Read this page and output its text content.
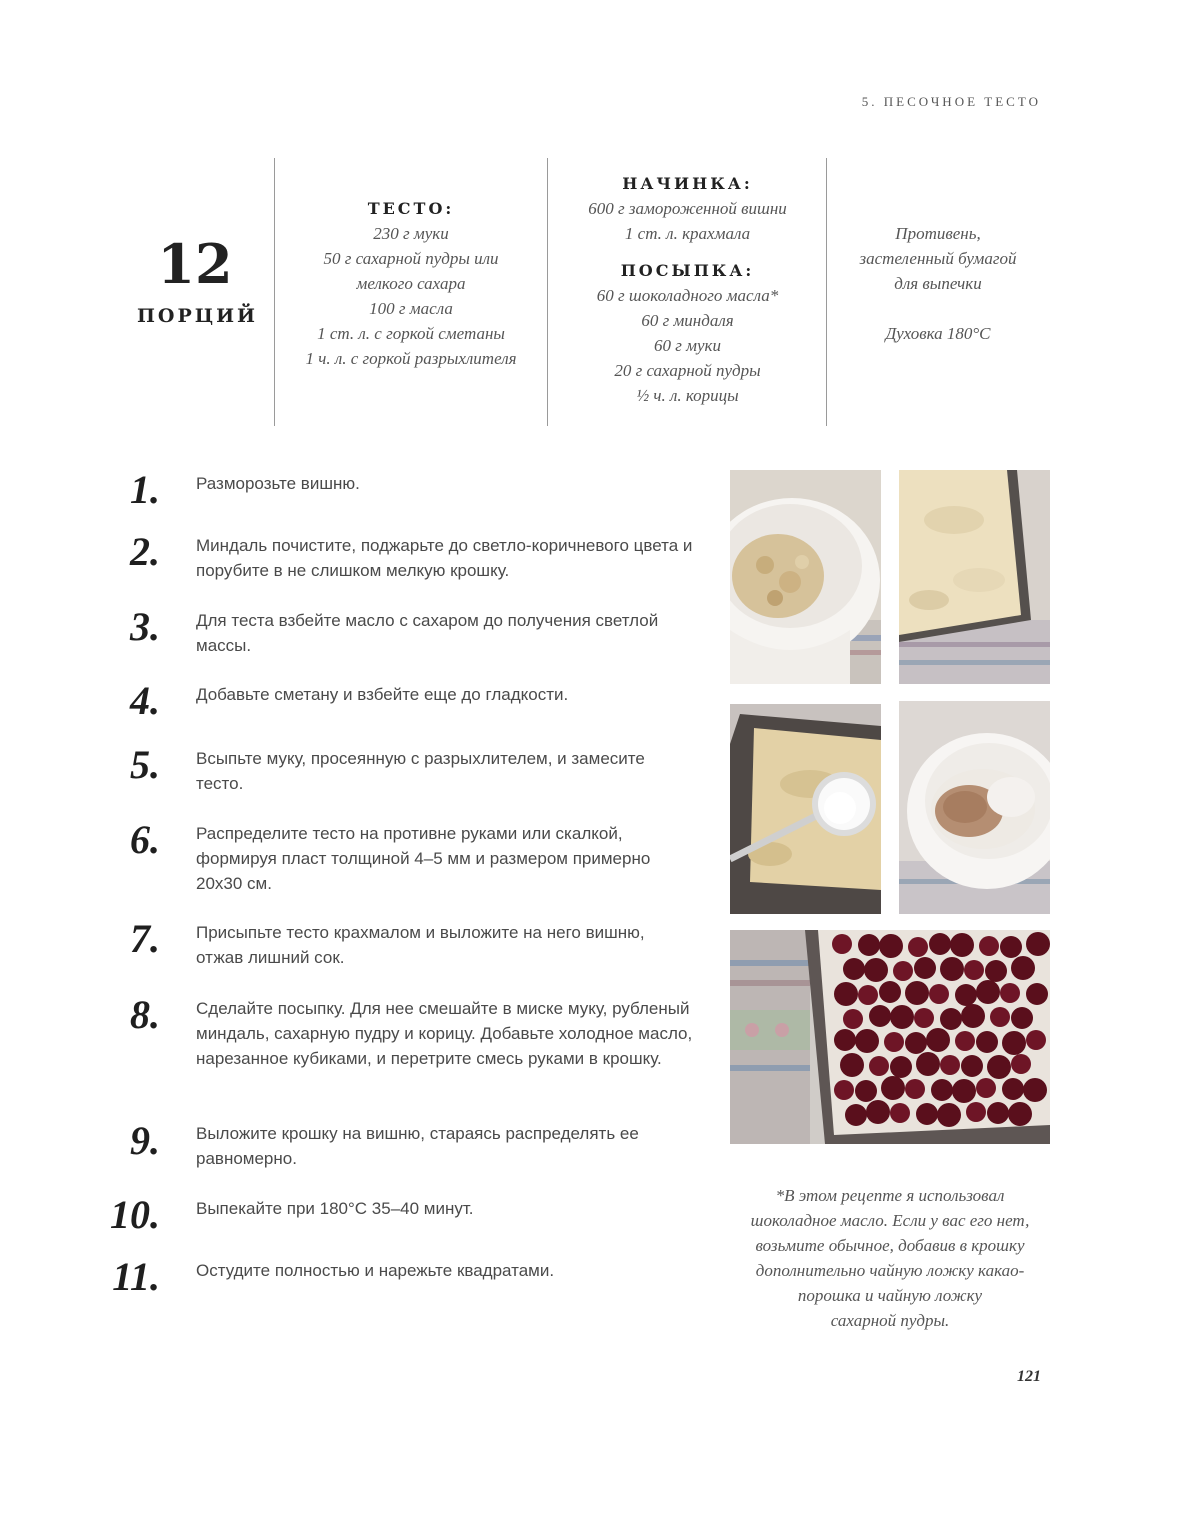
5. ПЕСОЧНОЕ ТЕСТО
12
ПОРЦИЙ
ТЕСТО:
230 г муки
50 г сахарной пудры или
мелкого сахара
100 г масла
1 ст. л. с горкой сметаны
1 ч. л. с горкой разрыхлителя
НАЧИНКА:
600 г замороженной вишни
1 ст. л. крахмала
ПОСЫПКА:
60 г шоколадного масла*
60 г миндаля
60 г муки
20 г сахарной пудры
½ ч. л. корицы
Противень,
застеленный бумагой
для выпечки
Духовка 180°С
1. Разморозьте вишню.
2. Миндаль почистите, поджарьте до светло-коричневого цвета и порубите в не слишком мелкую крошку.
3. Для теста взбейте масло с сахаром до получения светлой массы.
4. Добавьте сметану и взбейте еще до гладкости.
5. Всыпьте муку, просеянную с разрыхлителем, и замесите тесто.
6. Распределите тесто на противне руками или скалкой, формируя пласт толщиной 4–5 мм и размером примерно 20х30 см.
7. Присыпьте тесто крахмалом и выложите на него вишню, отжав лишний сок.
8. Сделайте посыпку. Для нее смешайте в миске муку, рубленый миндаль, сахарную пудру и корицу. Добавьте холодное масло, нарезанное кубиками, и перетрите смесь руками в крошку.
9. Выложите крошку на вишню, стараясь распределять ее равномерно.
10. Выпекайте при 180°С 35–40 минут.
11. Остудите полностью и нарежьте квадратами.
*В этом рецепте я использовал
шоколадное масло. Если у вас его нет,
возьмите обычное, добавив в крошку
дополнительно чайную ложку какао-
порошка и чайную ложку
сахарной пудры.
121
